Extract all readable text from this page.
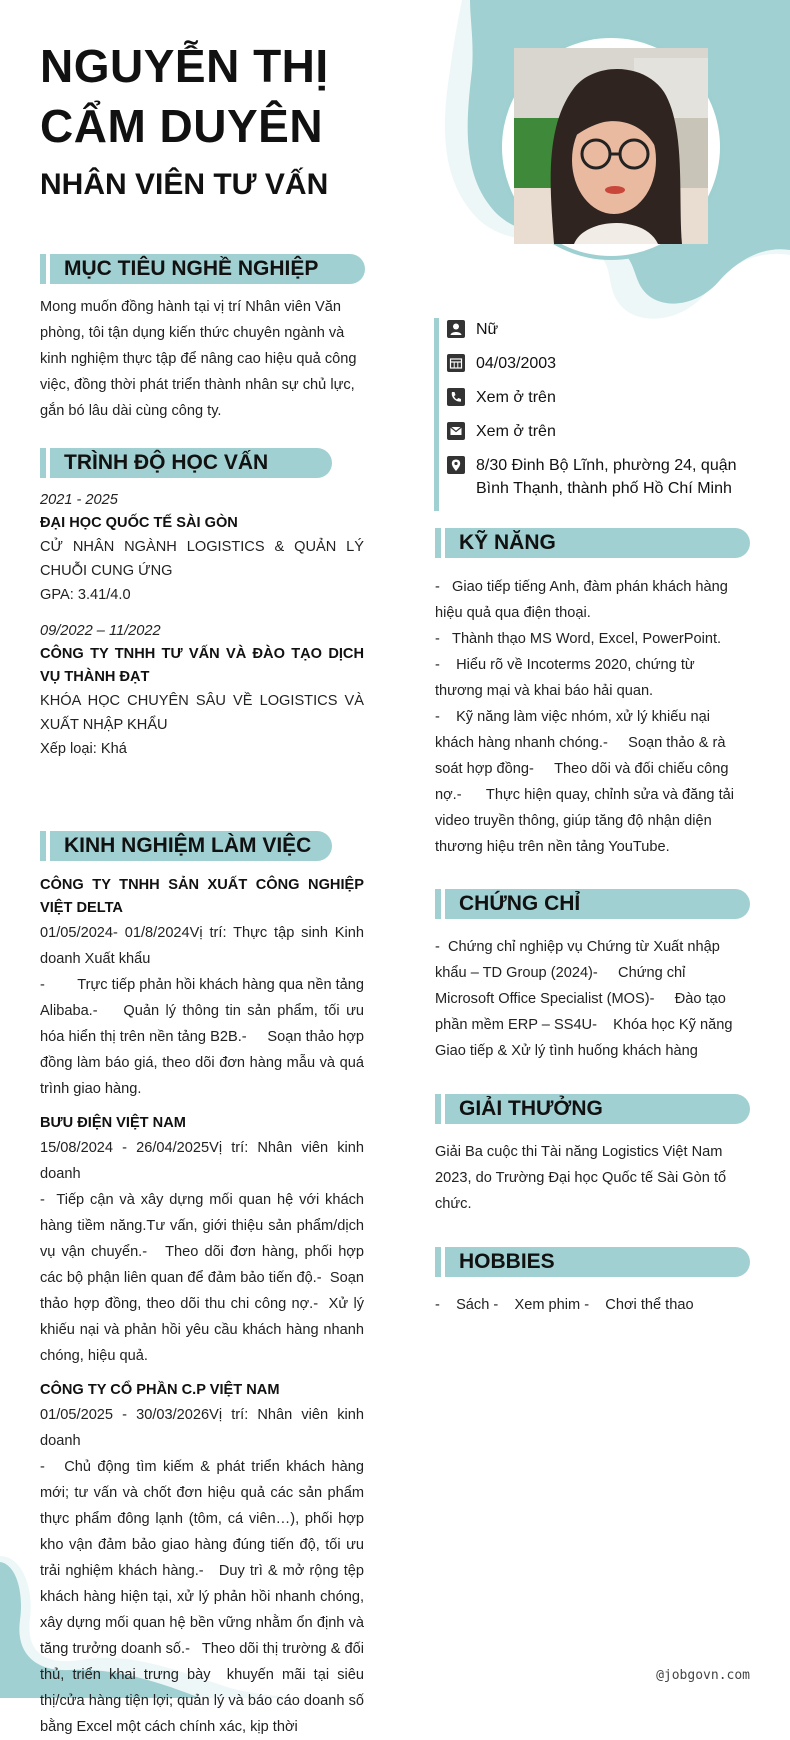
NGUYỄN THỊ
CẨM DUYÊN
NHÂN VIÊN TƯ VẤN
MỤC TIÊU NGHỀ NGHIỆP
Mong muốn đồng hành tại vị trí Nhân viên Văn phòng, tôi tận dụng kiến thức chuyên ngành và kinh nghiệm thực tập để nâng cao hiệu quả công việc, đồng thời phát triển thành nhân sự chủ lực, gắn bó lâu dài cùng công ty.
TRÌNH ĐỘ HỌC VẤN
2021 - 2025
ĐẠI HỌC QUỐC TẾ SÀI GÒN
CỬ NHÂN NGÀNH LOGISTICS & QUẢN LÝ CHUỖI CUNG ỨNG
GPA: 3.41/4.0
09/2022 – 11/2022
CÔNG TY TNHH TƯ VẤN VÀ ĐÀO TẠO DỊCH VỤ THÀNH ĐẠT
KHÓA HỌC CHUYÊN SÂU VỀ LOGISTICS VÀ XUẤT NHẬP KHẨU
Xếp loại: Khá
KINH NGHIỆM LÀM VIỆC
CÔNG TY TNHH SẢN XUẤT CÔNG NGHIỆP VIỆT DELTA
01/05/2024- 01/8/2024Vị trí: Thực tập sinh Kinh doanh Xuất khẩu
-        Trực tiếp phản hồi khách hàng qua nền tảng Alibaba.-    Quản lý thông tin sản phẩm, tối ưu hóa hiển thị trên nền tảng B2B.-     Soạn thảo hợp đồng làm báo giá, theo dõi đơn hàng mẫu và quá trình giao hàng.
BƯU ĐIỆN VIỆT NAM
15/08/2024 - 26/04/2025Vị trí: Nhân viên kinh doanh
-  Tiếp cận và xây dựng mối quan hệ với khách hàng tiềm năng.Tư vấn, giới thiệu sản phẩm/dịch vụ vận chuyển.-   Theo dõi đơn hàng, phối hợp các bộ phận liên quan để đảm bảo tiến độ.-  Soạn thảo hợp đồng, theo dõi thu chi công nợ.-  Xử lý khiếu nại và phản hồi yêu cầu khách hàng nhanh chóng, hiệu quả.
CÔNG TY CỔ PHẦN C.P VIỆT NAM
01/05/2025 - 30/03/2026Vị trí: Nhân viên kinh doanh
-   Chủ động tìm kiếm & phát triển khách hàng mới; tư vấn và chốt đơn hiệu quả các sản phẩm thực phẩm đông lạnh (tôm, cá viên…), phối hợp kho vận đảm bảo giao hàng đúng tiến độ, tối ưu trải nghiệm khách hàng.-   Duy trì & mở rộng tệp khách hàng hiện tại, xử lý phản hồi nhanh chóng, xây dựng mối quan hệ bền vững nhằm ổn định và tăng trưởng doanh số.-   Theo dõi thị trường & đối thủ, triển khai trưng bày  khuyến mãi tại siêu thị/cửa hàng tiện lợi; quản lý và báo cáo doanh số bằng Excel một cách chính xác, kịp thời
Nữ
04/03/2003
Xem ở trên
Xem ở trên
8/30 Đinh Bộ Lĩnh, phường 24, quận Bình Thạnh, thành phố Hồ Chí Minh
KỸ NĂNG
-   Giao tiếp tiếng Anh, đàm phán khách hàng hiệu quả qua điện thoại.
-   Thành thạo MS Word, Excel, PowerPoint.
-    Hiểu rõ về Incoterms 2020, chứng từ thương mại và khai báo hải quan.
-    Kỹ năng làm việc nhóm, xử lý khiếu nại khách hàng nhanh chóng.-     Soạn thảo & rà soát hợp đồng-     Theo dõi và đối chiếu công nợ.-      Thực hiện quay, chỉnh sửa và đăng tải video truyền thông, giúp tăng độ nhận diện thương hiệu trên nền tảng YouTube.
CHỨNG CHỈ
-  Chứng chỉ nghiệp vụ Chứng từ Xuất nhập khẩu – TD Group (2024)-     Chứng chỉ Microsoft Office Specialist (MOS)-     Đào tạo phần mềm ERP – SS4U-    Khóa học Kỹ năng Giao tiếp & Xử lý tình huống khách hàng
GIẢI THƯỞNG
Giải Ba cuộc thi Tài năng Logistics Việt Nam 2023, do Trường Đại học Quốc tế Sài Gòn tổ chức.
HOBBIES
-    Sách -    Xem phim -    Chơi thể thao
@jobgovn.com
